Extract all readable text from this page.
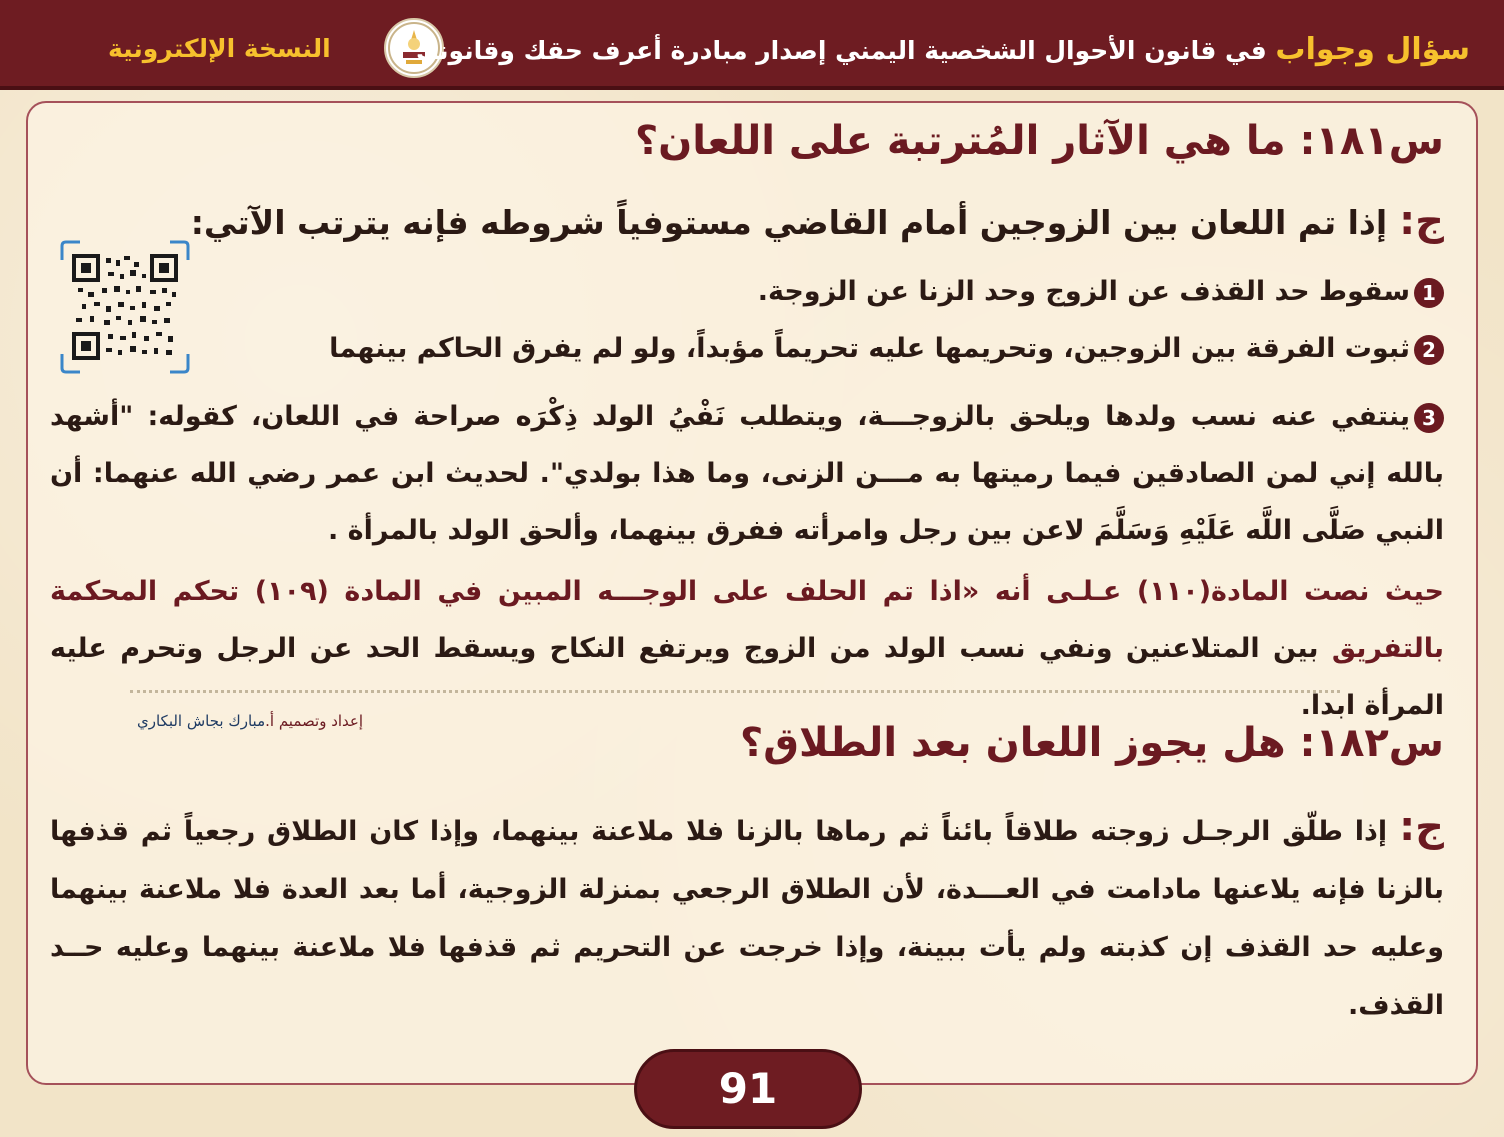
النسخة الإلكترونية	سؤال وجواب في قانون الأحوال الشخصية اليمني إصدار مبادرة أعرف حقك وقانونك
س١٨١: ما هي الآثار المُترتبة على اللعان؟
ج:إذا تم اللعان بين الزوجين أمام القاضي مستوفياً شروطه فإنه يترتب الآتي:
1سقوط حد القذف عن الزوج وحد الزنا عن الزوجة.
2ثبوت الفرقة بين الزوجين، وتحريمها عليه تحريماً مؤبداً، ولو لم يفرق الحاكم بينهما
3ينتفي عنه نسب ولدها ويلحق بالزوجـــة، ويتطلب نَفْيُ الولد ذِكْرَه صراحة في اللعان، كقوله: "أشهد بالله إني لمن الصادقين فيما رميتها به مـــن الزنى، وما هذا بولدي". لحديث ابن عمر رضي الله عنهما: أن النبي صَلَّى اللَّه عَلَيْهِ وَسَلَّمَ لاعن بين رجل وامرأته ففرق بينهما، وألحق الولد بالمرأة .
حيث نصت المادة(١١٠) عـلـى أنه «اذا تم الحلف على الوجـــه المبين في المادة (١٠٩) تحكم المحكمة بالتفريق بين المتلاعنين ونفي نسب الولد من الزوج ويرتفع النكاح ويسقط الحد عن الرجل وتحرم عليه المرأة ابدا.
إعداد وتصميم أ.مبارك بجاش البكاري	س١٨٢: هل يجوز اللعان بعد الطلاق؟
ج:إذا طلّق الرجـل زوجته طلاقاً بائناً ثم رماها بالزنا فلا ملاعنة بينهما، وإذا كان الطلاق رجعياً ثم قذفها بالزنا فإنه يلاعنها مادامت في العـــدة، لأن الطلاق الرجعي بمنزلة الزوجية، أما بعد العدة فلا ملاعنة بينهما وعليه حد القذف إن كذبته ولم يأت ببينة، وإذا خرجت عن التحريم ثم قذفها فلا ملاعنة بينهما وعليه حــد القذف.
91
